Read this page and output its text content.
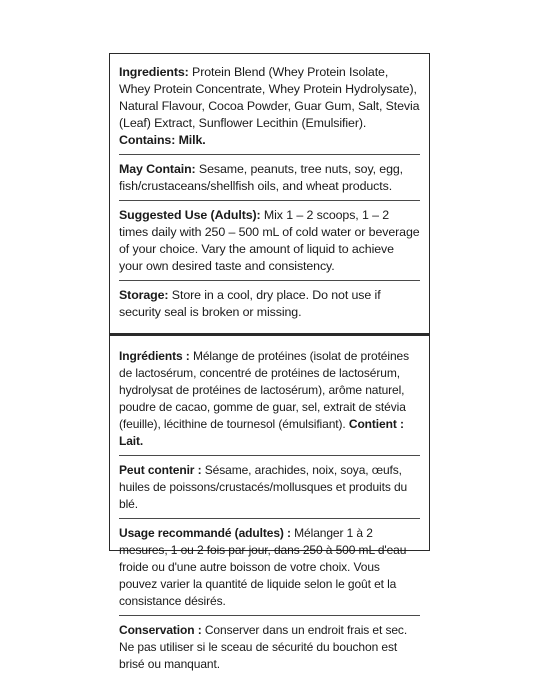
Ingredients: Protein Blend (Whey Protein Isolate, Whey Protein Concentrate, Whey Protein Hydrolysate), Natural Flavour, Cocoa Powder, Guar Gum, Salt, Stevia (Leaf) Extract, Sunflower Lecithin (Emulsifier). Contains: Milk.

May Contain: Sesame, peanuts, tree nuts, soy, egg, fish/crustaceans/shellfish oils, and wheat products.

Suggested Use (Adults): Mix 1 – 2 scoops, 1 – 2 times daily with 250 – 500 mL of cold water or beverage of your choice. Vary the amount of liquid to achieve your own desired taste and consistency.

Storage: Store in a cool, dry place. Do not use if security seal is broken or missing.

Ingrédients : Mélange de protéines (isolat de protéines de lactosérum, concentré de protéines de lactosérum, hydrolysat de protéines de lactosérum), arôme naturel, poudre de cacao, gomme de guar, sel, extrait de stévia (feuille), lécithine de tournesol (émulsifiant). Contient : Lait.

Peut contenir : Sésame, arachides, noix, soya, œufs, huiles de poissons/crustacés/mollusques et produits du blé.

Usage recommandé (adultes) : Mélanger 1 à 2 mesures, 1 ou 2 fois par jour, dans 250 à 500 mL d'eau froide ou d'une autre boisson de votre choix. Vous pouvez varier la quantité de liquide selon le goût et la consistance désirés.

Conservation : Conserver dans un endroit frais et sec. Ne pas utiliser si le sceau de sécurité du bouchon est brisé ou manquant.
